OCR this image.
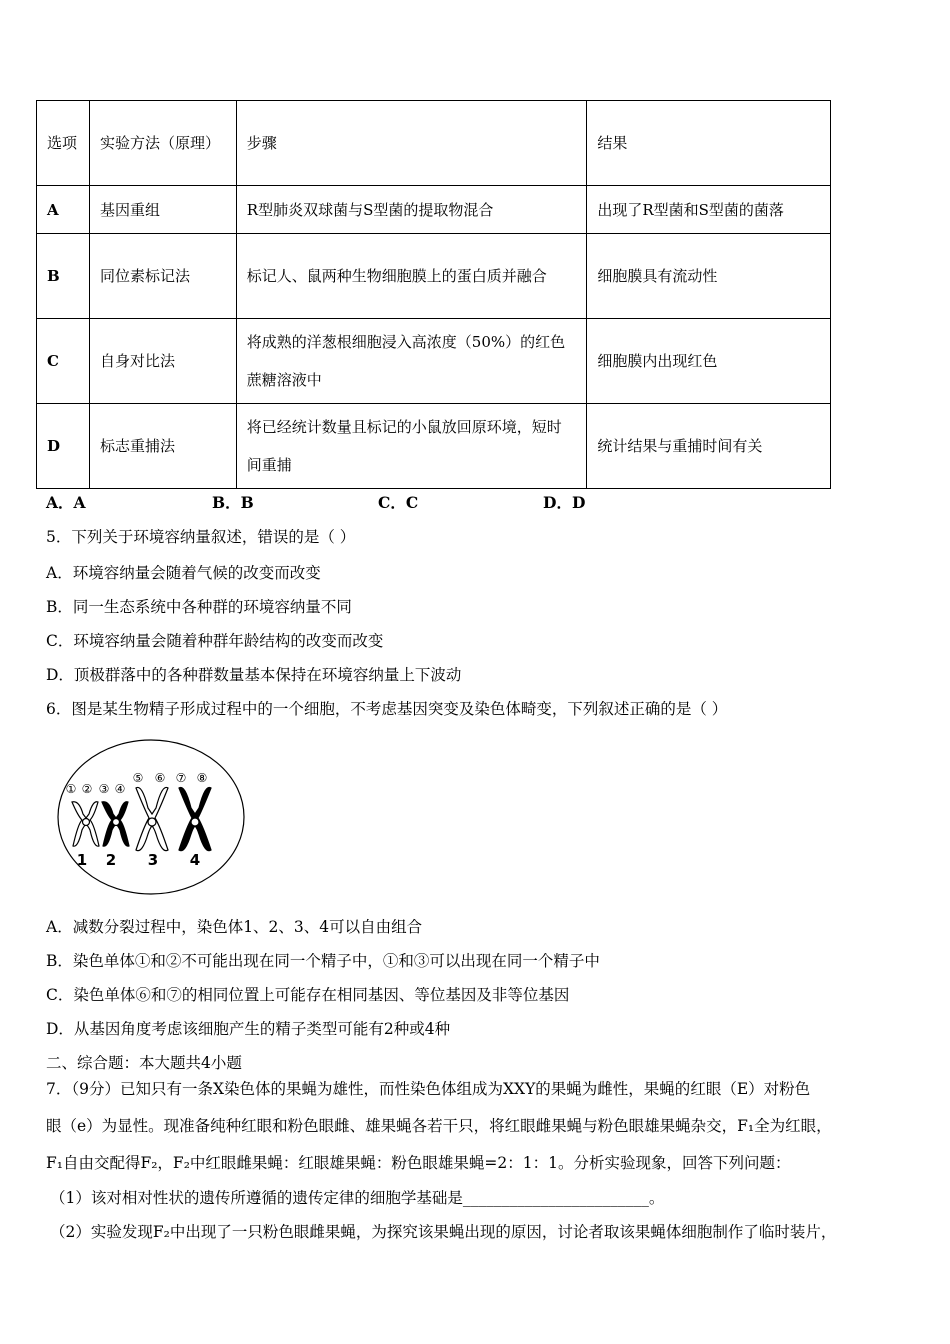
选项	实验方法（原理）	步骤	结果
A	基因重组	R型肺炎双球菌与S型菌的提取物混合	出现了R型菌和S型菌的菌落
B	同位素标记法	标记人、鼠两种生物细胞膜上的蛋白质并融合	细胞膜具有流动性
C	自身对比法	将成熟的洋葱根细胞浸入高浓度（50%）的红色蔗糖溶液中	细胞膜内出现红色
D	标志重捕法	将已经统计数量且标记的小鼠放回原环境，短时间重捕	统计结果与重捕时间有关
A．A	B．B	C．C	D．D
5．下列关于环境容纳量叙述，错误的是（ ）
A．环境容纳量会随着气候的改变而改变
B．同一生态系统中各种群的环境容纳量不同
C．环境容纳量会随着种群年龄结构的改变而改变
D．顶极群落中的各种群数量基本保持在环境容纳量上下波动
6．图是某生物精子形成过程中的一个细胞，不考虑基因突变及染色体畸变，下列叙述正确的是（ ）
① ② ③ ④
⑤ ⑥ ⑦ ⑧
1 2 3 4
A．减数分裂过程中，染色体1、2、3、4可以自由组合
B．染色单体①和②不可能出现在同一个精子中，①和③可以出现在同一个精子中
C．染色单体⑥和⑦的相同位置上可能存在相同基因、等位基因及非等位基因
D．从基因角度考虑该细胞产生的精子类型可能有2种或4种
二、综合题：本大题共4小题
7．（9分）已知只有一条X染色体的果蝇为雄性，而性染色体组成为XXY的果蝇为雌性，果蝇的红眼（E）对粉色
眼（e）为显性。现准备纯种红眼和粉色眼雌、雄果蝇各若干只，将红眼雌果蝇与粉色眼雄果蝇杂交，F₁全为红眼，
F₁自由交配得F₂，F₂中红眼雌果蝇：红眼雄果蝇：粉色眼雄果蝇=2：1：1。分析实验现象，回答下列问题：
（1）该对相对性状的遗传所遵循的遗传定律的细胞学基础是________________________。
（2）实验发现F₂中出现了一只粉色眼雌果蝇，为探究该果蝇出现的原因，讨论者取该果蝇体细胞制作了临时装片，
